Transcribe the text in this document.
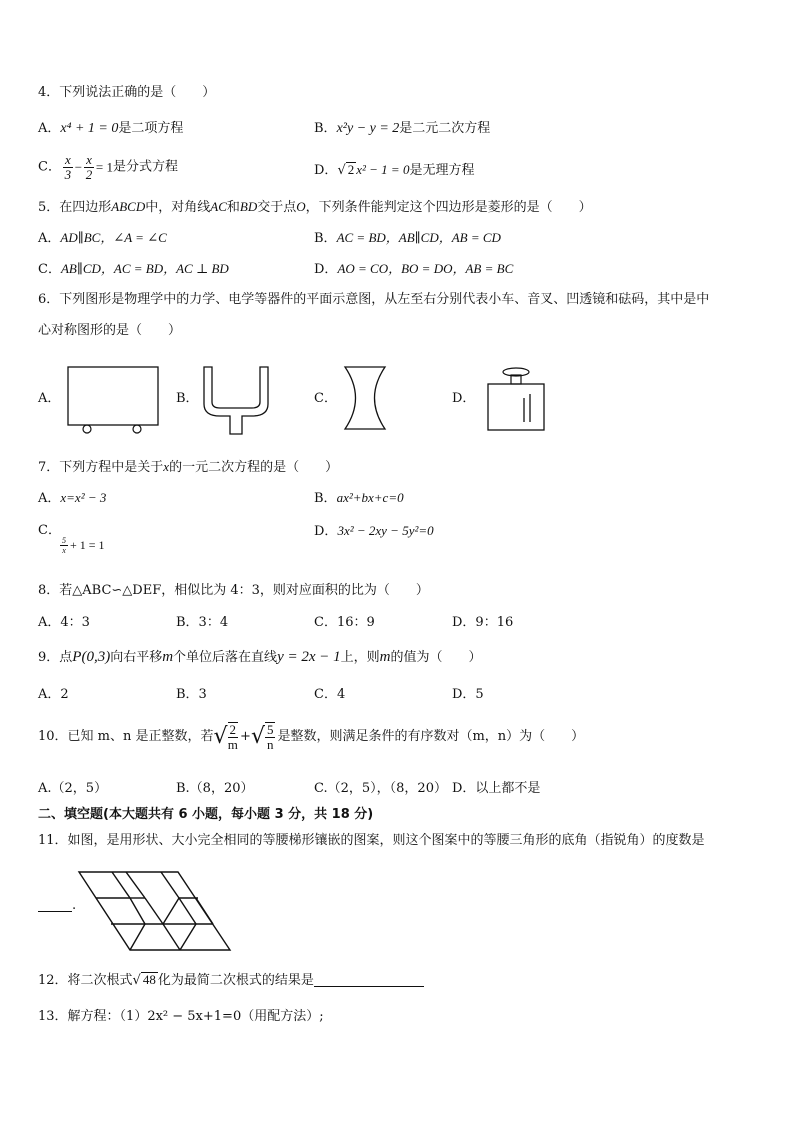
4．下列说法正确的是（　　）
A．x⁴ + 1 = 0是二项方程	B．x²y − y = 2是二元二次方程
C． $\frac{x}{3} - \frac{x}{2} = 1$是分式方程	D．√ 2 x² − 1 = 0是无理方程
5．在四边形ABCD中，对角线AC和BD交于点O，下列条件能判定这个四边形是菱形的是（　　）
A．AD∥BC，∠A = ∠C	B．AC = BD，AB∥CD，AB = CD
C．AB∥CD，AC = BD，AC ⊥ BD	D．AO = CO，BO = DO，AB = BC
6．下列图形是物理学中的力学、电学等器件的平面示意图，从左至右分别代表小车、音叉、凹透镜和砝码，其中是中
心对称图形的是（　　）
A．	B．	C．	D．
7．下列方程中是关于x的一元二次方程的是（　　）
A．x=x² − 3	B．ax²+bx+c=0
C．
$\frac{5}{x} + 1 = 1$
D．3x² − 2xy − 5y²=0
8．若△ABC∽△DEF，相似比为 4：3，则对应面积的比为（　　）
A．4：3	B．3：4	C．16：9	D．9：16
9．点P(0,3)向右平移m个单位后落在直线y = 2x − 1上，则m的值为（　　）
A．2	B．3	C．4	D．5
10．已知 m、n 是正整数，若√ $\frac{2}{m}$ +√ $\frac{5}{n}$ 是整数，则满足条件的有序数对（m，n）为（　　）
A.（2，5）	B.（8，20）	C.（2，5），（8，20） D．以上都不是
二、填空题(本大题共有 6 小题，每小题 3 分，共 18 分)
11．如图，是用形状、大小完全相同的等腰梯形镶嵌的图案，则这个图案中的等腰三角形的底角（指锐角）的度数是
.
12．将二次根式√ 48 化为最简二次根式的结果是
13．解方程：（1）2x² − 5x+1=0（用配方法）;
